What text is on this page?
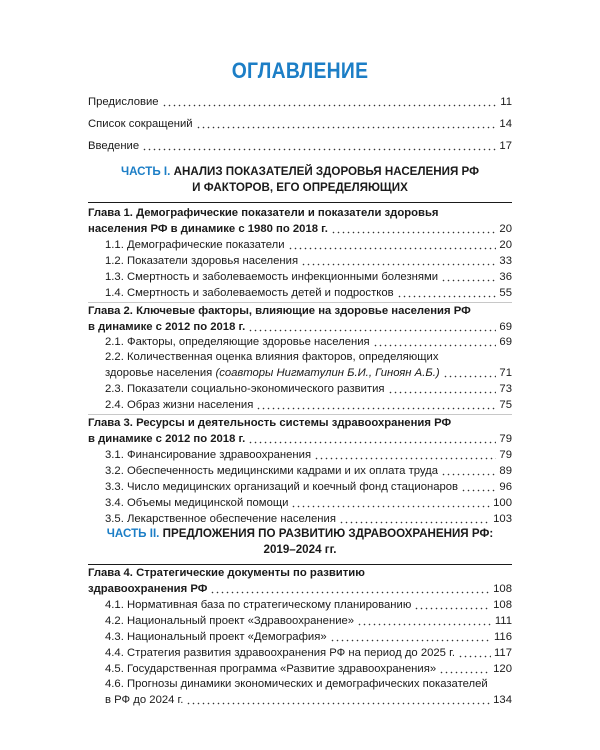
ОГЛАВЛЕНИЕ
Предисловие	11
Список сокращений	14
Введение	17
ЧАСТЬ I. АНАЛИЗ ПОКАЗАТЕЛЕЙ ЗДОРОВЬЯ НАСЕЛЕНИЯ РФ
И ФАКТОРОВ, ЕГО ОПРЕДЕЛЯЮЩИХ
Глава 1. Демографические показатели и показатели здоровья
населения РФ в динамике с 1980 по 2018 г.	20
1.1. Демографические показатели	20
1.2. Показатели здоровья населения	33
1.3. Смертность и заболеваемость инфекционными болезнями	36
1.4. Смертность и заболеваемость детей и подростков	55
Глава 2. Ключевые факторы, влияющие на здоровье населения РФ
в динамике с 2012 по 2018 г.	69
2.1. Факторы, определяющие здоровье населения	69
2.2. Количественная оценка влияния факторов, определяющих
здоровье населения (соавторы Нигматулин Б.И., Гиноян А.Б.)	71
2.3. Показатели социально-экономического развития	73
2.4. Образ жизни населения	75
Глава 3. Ресурсы и деятельность системы здравоохранения РФ
в динамике с 2012 по 2018 г.	79
3.1. Финансирование здравоохранения	79
3.2. Обеспеченность медицинскими кадрами и их оплата труда	89
3.3. Число медицинских организаций и коечный фонд стационаров	96
3.4. Объемы медицинской помощи	100
3.5. Лекарственное обеспечение населения	103
ЧАСТЬ II. ПРЕДЛОЖЕНИЯ ПО РАЗВИТИЮ ЗДРАВООХРАНЕНИЯ РФ:
2019–2024 гг.
Глава 4. Стратегические документы по развитию
здравоохранения РФ	108
4.1. Нормативная база по стратегическому планированию	108
4.2. Национальный проект «Здравоохранение»	111
4.3. Национальный проект «Демография»	116
4.4. Стратегия развития здравоохранения РФ на период до 2025 г.	117
4.5. Государственная программа «Развитие здравоохранения»	120
4.6. Прогнозы динамики экономических и демографических показателей
в РФ до 2024 г.	134
